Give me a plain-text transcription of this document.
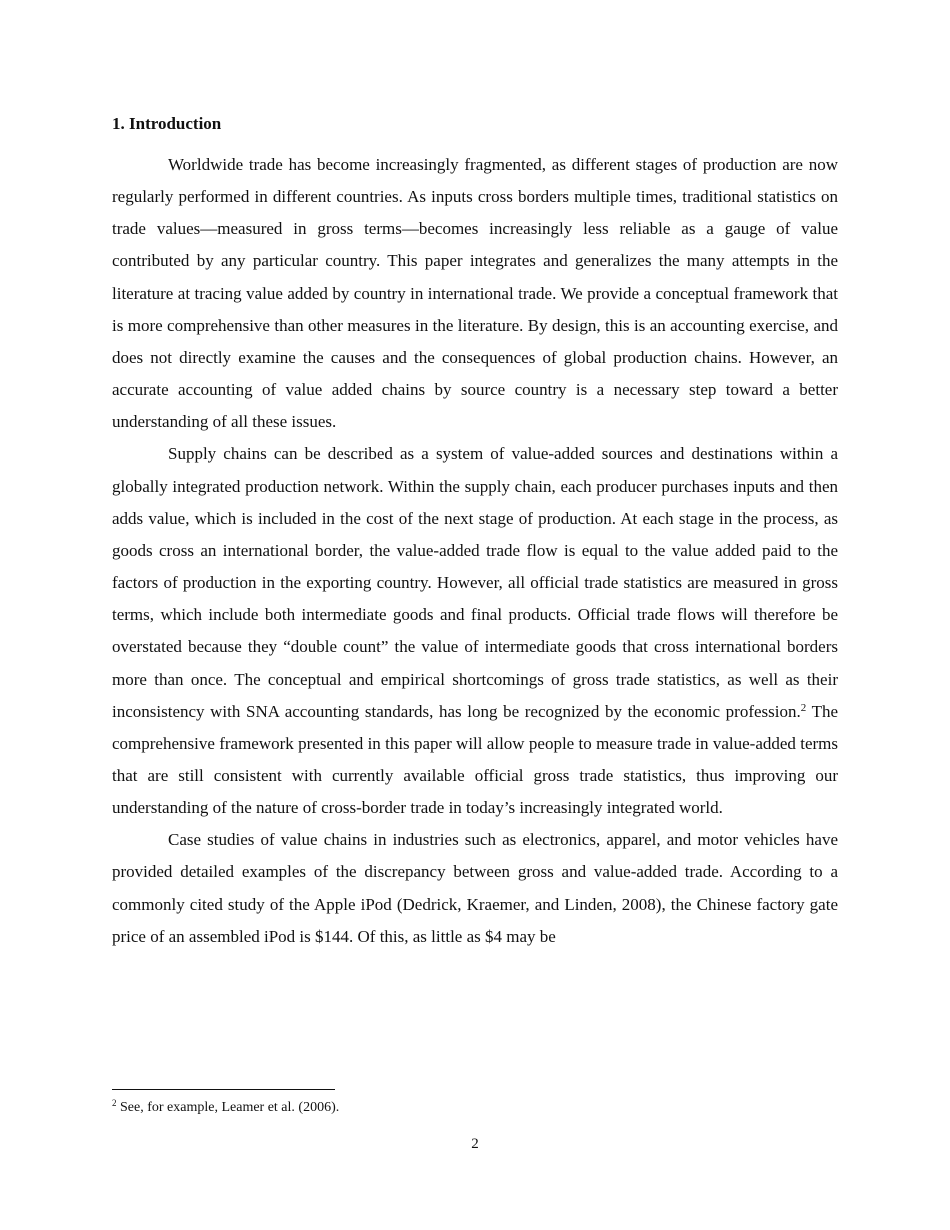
1. Introduction

Worldwide trade has become increasingly fragmented, as different stages of production are now regularly performed in different countries. As inputs cross borders multiple times, traditional statistics on trade values—measured in gross terms—becomes increasingly less reliable as a gauge of value contributed by any particular country. This paper integrates and generalizes the many attempts in the literature at tracing value added by country in international trade. We provide a conceptual framework that is more comprehensive than other measures in the literature. By design, this is an accounting exercise, and does not directly examine the causes and the consequences of global production chains. However, an accurate accounting of value added chains by source country is a necessary step toward a better understanding of all these issues.

Supply chains can be described as a system of value-added sources and destinations within a globally integrated production network. Within the supply chain, each producer purchases inputs and then adds value, which is included in the cost of the next stage of production. At each stage in the process, as goods cross an international border, the value-added trade flow is equal to the value added paid to the factors of production in the exporting country. However, all official trade statistics are measured in gross terms, which include both intermediate goods and final products. Official trade flows will therefore be overstated because they “double count” the value of intermediate goods that cross international borders more than once. The conceptual and empirical shortcomings of gross trade statistics, as well as their inconsistency with SNA accounting standards, has long be recognized by the economic profession.$^2$ The comprehensive framework presented in this paper will allow people to measure trade in value-added terms that are still consistent with currently available official gross trade statistics, thus improving our understanding of the nature of cross-border trade in today’s increasingly integrated world.

Case studies of value chains in industries such as electronics, apparel, and motor vehicles have provided detailed examples of the discrepancy between gross and value-added trade. According to a commonly cited study of the Apple iPod (Dedrick, Kraemer, and Linden, 2008), the Chinese factory gate price of an assembled iPod is $144. Of this, as little as $4 may be

$^2$ See, for example, Leamer et al. (2006).

2
